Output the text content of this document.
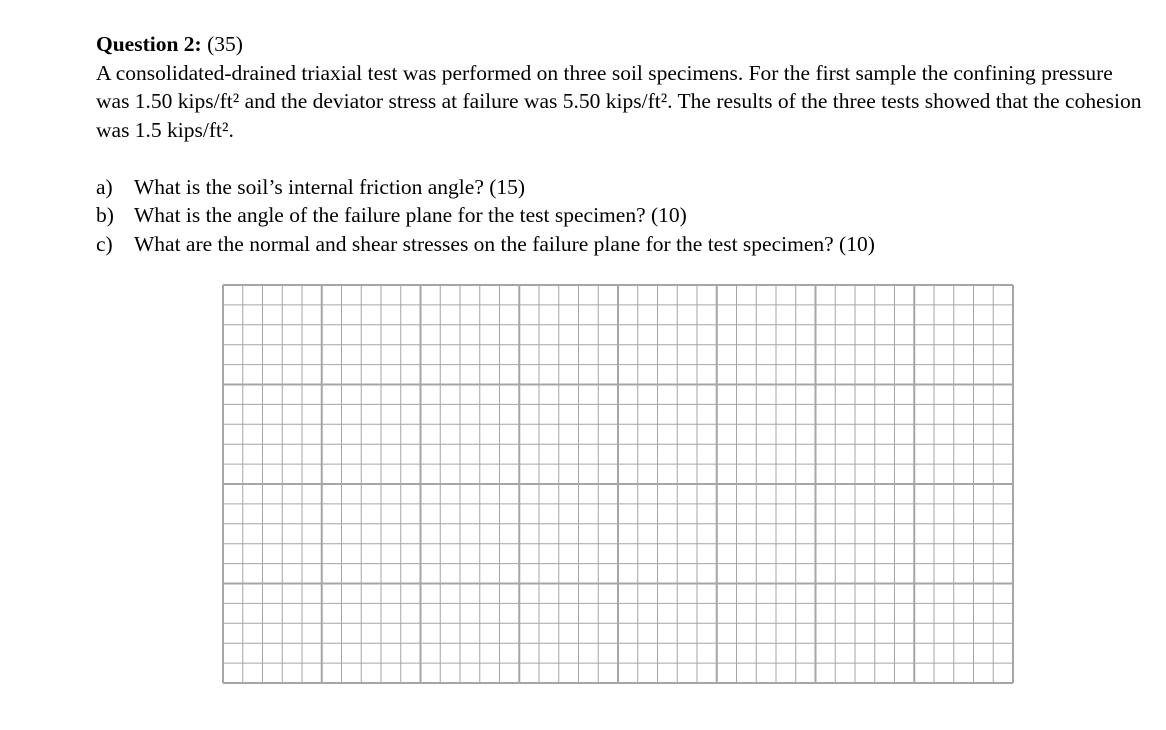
Question 2: (35)

A consolidated-drained triaxial test was performed on three soil specimens. For the first sample the confining pressure was 1.50 kips/ft² and the deviator stress at failure was 5.50 kips/ft². The results of the three tests showed that the cohesion was 1.5 kips/ft².

a) What is the soil’s internal friction angle? (15)
b) What is the angle of the failure plane for the test specimen? (10)
c) What are the normal and shear stresses on the failure plane for the test specimen? (10)
